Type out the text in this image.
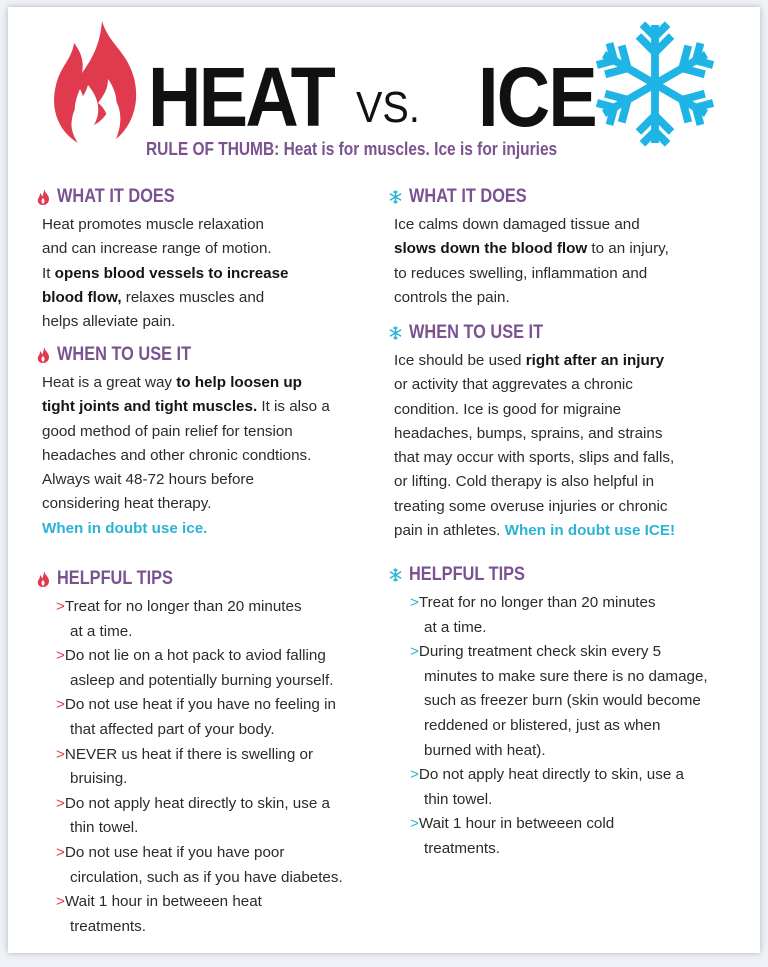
HEAT VS. ICE
RULE OF THUMB: Heat is for muscles. Ice is for injuries
WHAT IT DOES
Heat promotes muscle relaxation
and can increase range of motion.
It opens blood vessels to increase
blood flow, relaxes muscles and
helps alleviate pain.
WHEN TO USE IT
Heat is a great way to help loosen up
tight joints and tight muscles. It is also a
good method of pain relief for tension
headaches and other chronic condtions.
Always wait 48-72 hours before
considering heat therapy.
When in doubt use ice.
HELPFUL TIPS
>Treat for no longer than 20 minutes
at a time.
>Do not lie on a hot pack to aviod falling
asleep and potentially burning yourself.
>Do not use heat if you have no feeling in
that affected part of your body.
>NEVER us heat if there is swelling or
bruising.
>Do not apply heat directly to skin, use a
thin towel.
>Do not use heat if you have poor
circulation, such as if you have diabetes.
>Wait 1 hour in betweeen heat
treatments.
WHAT IT DOES
Ice calms down damaged tissue and
slows down the blood flow to an injury,
to reduces swelling, inflammation and
controls the pain.
WHEN TO USE IT
Ice should be used right after an injury
or activity that aggrevates a chronic
condition. Ice is good for migraine
headaches, bumps, sprains, and strains
that may occur with sports, slips and falls,
or lifting. Cold therapy is also helpful in
treating some overuse injuries or chronic
pain in athletes. When in doubt use ICE!
HELPFUL TIPS
>Treat for no longer than 20 minutes
at a time.
>During treatment check skin every 5
minutes to make sure there is no damage,
such as freezer burn (skin would become
reddened or blistered, just as when
burned with heat).
>Do not apply heat directly to skin, use a
thin towel.
>Wait 1 hour in betweeen cold
treatments.
